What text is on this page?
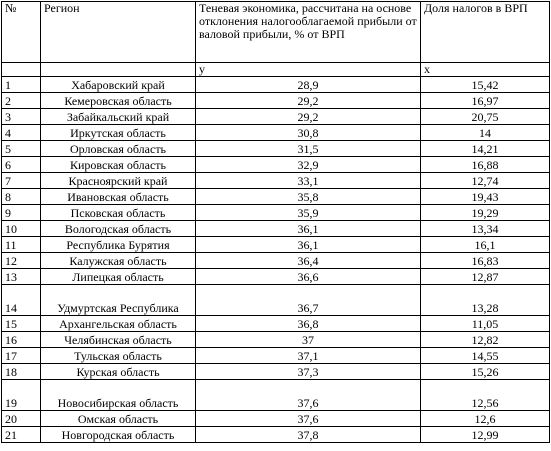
№	Регион	Теневая экономика, рассчитана на основе отклонения налогооблагаемой прибыли от валовой прибыли, % от ВРП	Доля налогов в ВРП
		y	x
1	Хабаровский край	28,9	15,42
2	Кемеровская область	29,2	16,97
3	Забайкальский край	29,2	20,75
4	Иркутская область	30,8	14
5	Орловская область	31,5	14,21
6	Кировская область	32,9	16,88
7	Красноярский край	33,1	12,74
8	Ивановская область	35,8	19,43
9	Псковская область	35,9	19,29
10	Вологодская область	36,1	13,34
11	Республика Бурятия	36,1	16,1
12	Калужская область	36,4	16,83
13	Липецкая область	36,6	12,87
14	Удмуртская Республика	36,7	13,28
15	Архангельская область	36,8	11,05
16	Челябинская область	37	12,82
17	Тульская область	37,1	14,55
18	Курская область	37,3	15,26
19	Новосибирская область	37,6	12,56
20	Омская область	37,6	12,6
21	Новгородская область	37,8	12,99
